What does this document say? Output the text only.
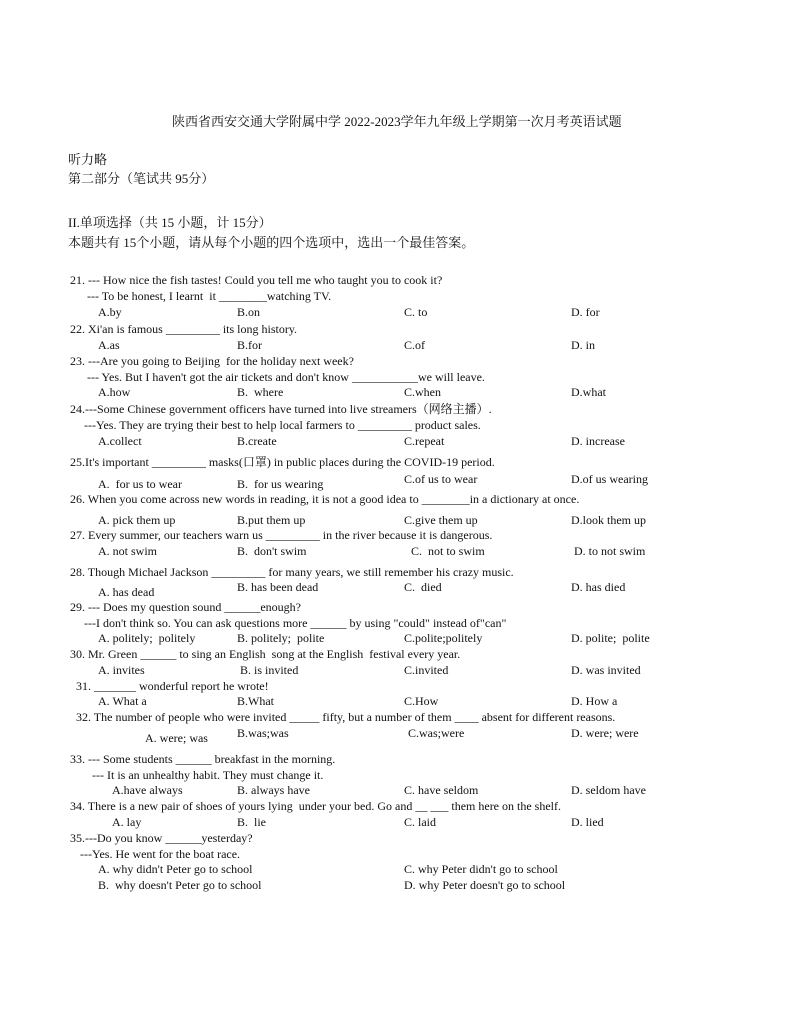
陕西省西安交通大学附属中学 2022-2023学年九年级上学期第一次月考英语试题
听力略
第二部分（笔试共 95分）
II.单项选择（共 15 小题，计 15分）
本题共有 15个小题，请从每个小题的四个选项中，选出一个最佳答案。
21. --- How nice the fish tastes! Could you tell me who taught you to cook it?
--- To be honest, I learnt  it ________watching TV.
A.by	B.on	C. to	D. for
22. Xi'an is famous _________ its long history.
A.as	B.for	C.of	D. in
23. ---Are you going to Beijing  for the holiday next week?
--- Yes. But I haven't got the air tickets and don't know ___________we will leave.
A.how	B.  where	C.when	D.what
24.---Some Chinese government officers have turned into live streamers（网络主播）.
---Yes. They are trying their best to help local farmers to _________ product sales.
A.collect	B.create	C.repeat	D. increase
25.It's important _________ masks(口罩) in public places during the COVID-19 period.
A.  for us to wear	B.  for us wearing	C.of us to wear	D.of us wearing
26. When you come across new words in reading, it is not a good idea to ________in a dictionary at once.
A. pick them up	B.put them up	C.give them up	D.look them up
27. Every summer, our teachers warn us _________ in the river because it is dangerous.
A. not swim	B.  don't swim	C.  not to swim	D. to not swim
28. Though Michael Jackson _________ for many years, we still remember his crazy music.
A. has dead	B. has been dead	C.  died	D. has died
29. --- Does my question sound ______enough?
---I don't think so. You can ask questions more ______ by using "could" instead of"can"
A. politely;  politely	B. politely;  polite	C.polite;politely	D. polite;  polite
30. Mr. Green ______ to sing an English  song at the English  festival every year.
A. invites	B. is invited	C.invited	D. was invited
31. _______ wonderful report he wrote!
A. What a	B.What	C.How	D. How a
32. The number of people who were invited _____ fifty, but a number of them ____ absent for different reasons.
A. were; was B.was;was	C.was;were	D. were; were
33. --- Some students ______ breakfast in the morning.
--- It is an unhealthy habit. They must change it.
A.have always	B. always have	C. have seldom	D. seldom have
34. There is a new pair of shoes of yours lying  under your bed. Go and __ ___ them here on the shelf.
A. lay	B.  lie	C. laid	D. lied
35.---Do you know ______yesterday?
---Yes. He went for the boat race.
A. why didn't Peter go to school	C. why Peter didn't go to school
B.  why doesn't Peter go to school	D. why Peter doesn't go to school
